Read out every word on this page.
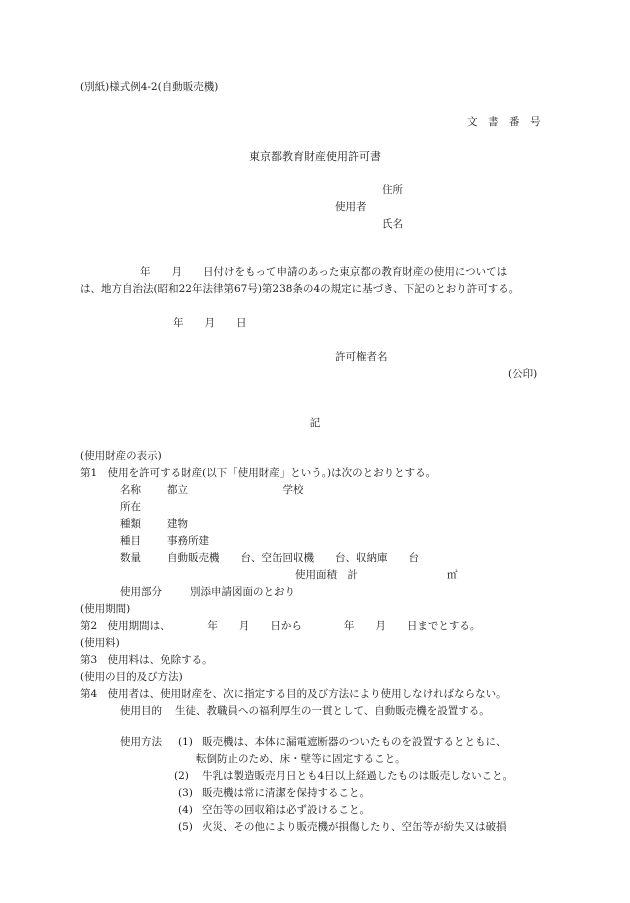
(別紙)様式例4-2(自動販売機)
文　書　番　号
東京都教育財産使用許可書
住所
使用者
氏名
年　　月　　日付けをもって申請のあった東京都の教育財産の使用については
は、地方自治法(昭和22年法律第67号)第238条の4の規定に基づき、下記のとおり許可する。
年　　月　　日
許可権者名
(公印)
記
(使用財産の表示)
第1　使用を許可する財産(以下「使用財産」という。)は次のとおりとする。
名称 都立　　　　　　　　　学校
所在
種類 建物
種目 事務所建
数量 自動販売機　　台、空缶回収機　　台、収納庫　　台
使用面積　計	㎡
使用部分	別添申請図面のとおり
(使用期間)
第2　使用期間は、　　　　年　　月　　日から　　　　年　　月　　日までとする。
(使用料)
第3　使用料は、免除する。
(使用の目的及び方法)
第4　使用者は、使用財産を、次に指定する目的及び方法により使用しなければならない。
使用目的 生徒、教職員への福利厚生の一貫として、自動販売機を設置する。
使用方法 (1) 販売機は、本体に漏電遮断器のついたものを設置するとともに、
転倒防止のため、床・壁等に固定すること。
(2) 牛乳は製造販売月日とも4日以上経過したものは販売しないこと。
(3) 販売機は常に清潔を保持すること。
(4) 空缶等の回収箱は必ず設けること。
(5) 火災、その他により販売機が損傷したり、空缶等が紛失又は破損
